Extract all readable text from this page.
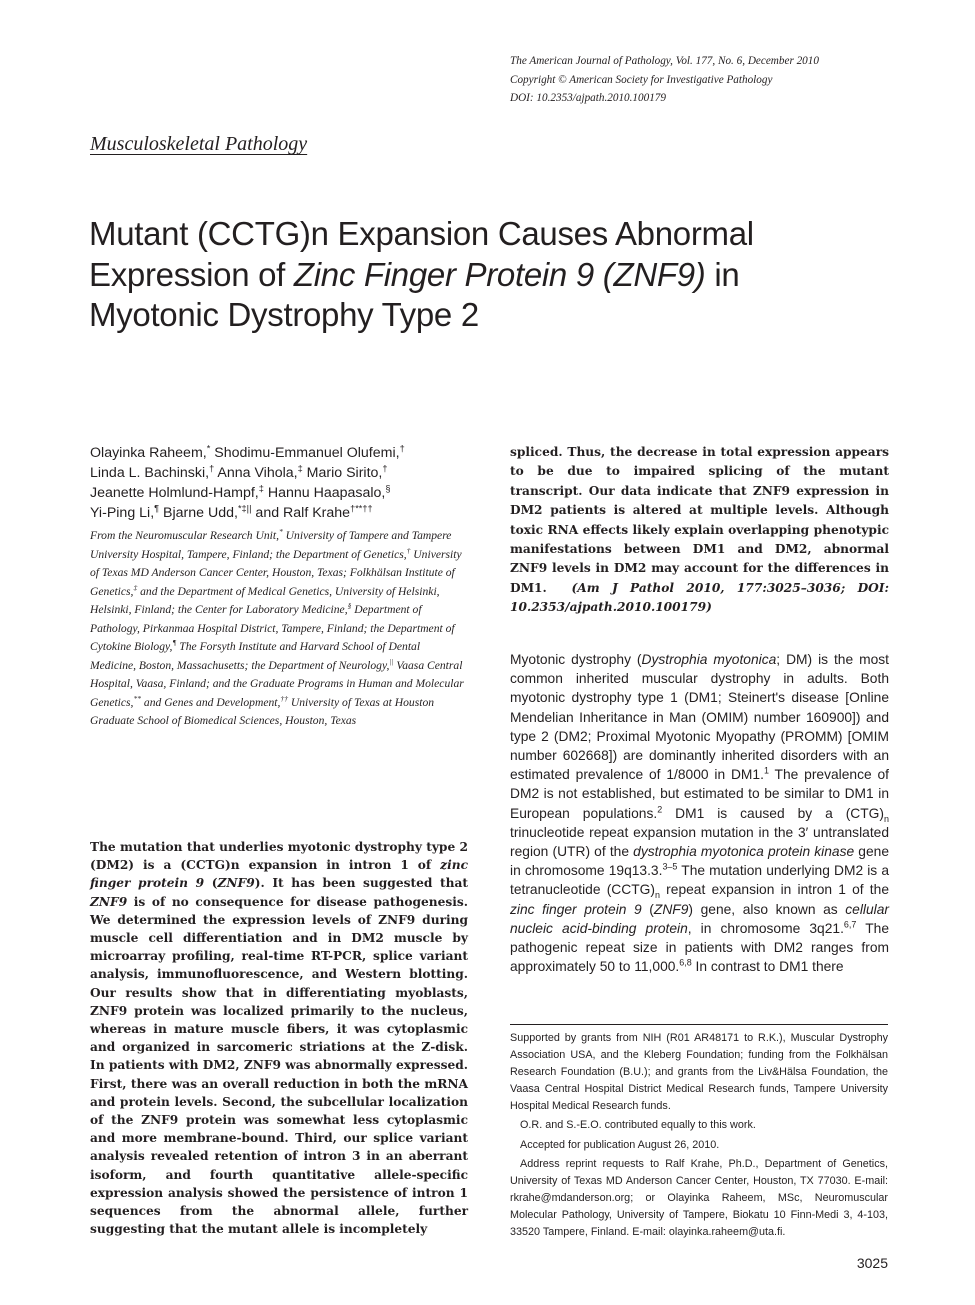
The American Journal of Pathology, Vol. 177, No. 6, December 2010
Copyright © American Society for Investigative Pathology
DOI: 10.2353/ajpath.2010.100179
Musculoskeletal Pathology
Mutant (CCTG)n Expansion Causes Abnormal Expression of Zinc Finger Protein 9 (ZNF9) in Myotonic Dystrophy Type 2
Olayinka Raheem,* Shodimu-Emmanuel Olufemi,†
Linda L. Bachinski,† Anna Vihola,‡ Mario Sirito,†
Jeanette Holmlund-Hampf,‡ Hannu Haapasalo,§
Yi-Ping Li,¶ Bjarne Udd,*‡|| and Ralf Krahe†**††
From the Neuromuscular Research Unit,* University of Tampere and Tampere University Hospital, Tampere, Finland; the Department of Genetics,† University of Texas MD Anderson Cancer Center, Houston, Texas; Folkhälsan Institute of Genetics,‡ and the Department of Medical Genetics, University of Helsinki, Helsinki, Finland; the Center for Laboratory Medicine,§ Department of Pathology, Pirkanmaa Hospital District, Tampere, Finland; the Department of Cytokine Biology,¶ The Forsyth Institute and Harvard School of Dental Medicine, Boston, Massachusetts; the Department of Neurology,|| Vaasa Central Hospital, Vaasa, Finland; and the Graduate Programs in Human and Molecular Genetics,** and Genes and Development,†† University of Texas at Houston Graduate School of Biomedical Sciences, Houston, Texas
The mutation that underlies myotonic dystrophy type 2 (DM2) is a (CCTG)n expansion in intron 1 of zinc finger protein 9 (ZNF9). It has been suggested that ZNF9 is of no consequence for disease pathogenesis. We determined the expression levels of ZNF9 during muscle cell differentiation and in DM2 muscle by microarray profiling, real-time RT-PCR, splice variant analysis, immunofluorescence, and Western blotting. Our results show that in differentiating myoblasts, ZNF9 protein was localized primarily to the nucleus, whereas in mature muscle fibers, it was cytoplasmic and organized in sarcomeric striations at the Z-disk. In patients with DM2, ZNF9 was abnormally expressed. First, there was an overall reduction in both the mRNA and protein levels. Second, the subcellular localization of the ZNF9 protein was somewhat less cytoplasmic and more membrane-bound. Third, our splice variant analysis revealed retention of intron 3 in an aberrant isoform, and fourth quantitative allele-specific expression analysis showed the persistence of intron 1 sequences from the abnormal allele, further suggesting that the mutant allele is incompletely
spliced. Thus, the decrease in total expression appears to be due to impaired splicing of the mutant transcript. Our data indicate that ZNF9 expression in DM2 patients is altered at multiple levels. Although toxic RNA effects likely explain overlapping phenotypic manifestations between DM1 and DM2, abnormal ZNF9 levels in DM2 may account for the differences in DM1. (Am J Pathol 2010, 177:3025–3036; DOI: 10.2353/ajpath.2010.100179)
Myotonic dystrophy (Dystrophia myotonica; DM) is the most common inherited muscular dystrophy in adults. Both myotonic dystrophy type 1 (DM1; Steinert's disease [Online Mendelian Inheritance in Man (OMIM) number 160900]) and type 2 (DM2; Proximal Myotonic Myopathy (PROMM) [OMIM number 602668]) are dominantly inherited disorders with an estimated prevalence of 1/8000 in DM1.$^1$ The prevalence of DM2 is not established, but estimated to be similar to DM1 in European populations.$^2$ DM1 is caused by a $(CTG)_n$ trinucleotide repeat expansion mutation in the 3′ untranslated region (UTR) of the dystrophia myotonica protein kinase gene in chromosome 19q13.3.$^{3-5}$ The mutation underlying DM2 is a tetranucleotide $(CCTG)_n$ repeat expansion in intron 1 of the zinc finger protein 9 (ZNF9) gene, also known as cellular nucleic acid-binding protein, in chromosome 3q21.$^{6,7}$ The pathogenic repeat size in patients with DM2 ranges from approximately 50 to 11,000.$^{6,8}$ In contrast to DM1 there

Supported by grants from NIH (R01 AR48171 to R.K.), Muscular Dystrophy Association USA, and the Kleberg Foundation; funding from the Folkhälsan Research Foundation (B.U.); and grants from the Liv&Hälsa Foundation, the Vaasa Central Hospital District Medical Research funds, Tampere University Hospital Medical Research funds.

O.R. and S.-E.O. contributed equally to this work.

Accepted for publication August 26, 2010.

Address reprint requests to Ralf Krahe, Ph.D., Department of Genetics, University of Texas MD Anderson Cancer Center, Houston, TX 77030. E-mail: rkrahe@mdanderson.org; or Olayinka Raheem, MSc, Neuromuscular Molecular Pathology, University of Tampere, Biokatu 10 Finn-Medi 3, 4-103, 33520 Tampere, Finland. E-mail: olayinka.raheem@uta.fi.

3025
